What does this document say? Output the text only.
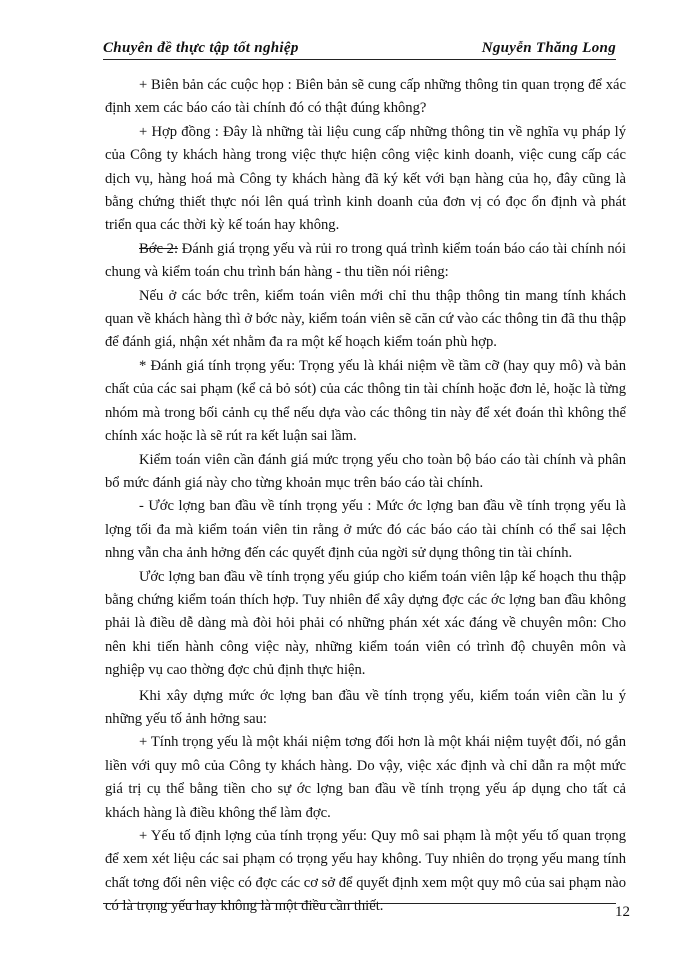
Chuyên đề thực tập tốt nghiệp	Nguyễn Thăng Long

+ Biên bản các cuộc họp : Biên bản sẽ cung cấp những thông tin quan trọng để xác định xem các báo cáo tài chính đó có thật đúng không?

+ Hợp đồng : Đây là những tài liệu cung cấp những thông tin về nghĩa vụ pháp lý của Công ty khách hàng trong việc thực hiện công việc kinh doanh, việc cung cấp các dịch vụ, hàng hoá mà Công ty khách hàng đã ký kết với bạn hàng của họ, đây cũng là bằng chứng thiết thực nói lên quá trình kinh doanh của đơn vị có đọc ổn định và phát triển qua các thời kỳ kế toán hay không.

Bớc 2: Đánh giá trọng yếu và rủi ro trong quá trình kiểm toán báo cáo tài chính nói chung và kiểm toán chu trình bán hàng - thu tiền nói riêng:

Nếu ở các bớc trên, kiểm toán viên mới chỉ thu thập thông tin mang tính khách quan về khách hàng thì ở bớc này, kiểm toán viên sẽ căn cứ vào các thông tin đã thu thập để đánh giá, nhận xét nhằm đa ra một kế hoạch kiểm toán phù hợp.

* Đánh giá tính trọng yếu: Trọng yếu là khái niệm về tầm cỡ (hay quy mô) và bản chất của các sai phạm (kể cả bỏ sót) của các thông tin tài chính hoặc đơn lẻ, hoặc là từng nhóm mà trong bối cảnh cụ thể nếu dựa vào các thông tin này để xét đoán thì không thể chính xác hoặc là sẽ rút ra kết luận sai lầm.

Kiểm toán viên cần đánh giá mức trọng yếu cho toàn bộ báo cáo tài chính và phân bổ mức đánh giá này cho từng khoản mục trên báo cáo tài chính.

- Ước lợng ban đầu về tính trọng yếu : Mức ớc lợng ban đầu về tính trọng yếu là lợng tối đa mà kiểm toán viên tin rằng ở mức đó các báo cáo tài chính có thể sai lệch nhng vẫn cha ảnh hởng đến các quyết định của ngời sử dụng thông tin tài chính.

Ước lợng ban đầu về tính trọng yếu giúp cho kiểm toán viên lập kế hoạch thu thập bằng chứng kiểm toán thích hợp. Tuy nhiên để xây dựng đợc các ớc lợng ban đầu không phải là điều dễ dàng mà đòi hỏi phải có những phán xét xác đáng về chuyên môn: Cho nên khi tiến hành công việc này, những kiểm toán viên có trình độ chuyên môn và nghiệp vụ cao thờng đợc chủ định thực hiện.

Khi xây dựng mức ớc lợng ban đầu về tính trọng yếu, kiểm toán viên cần lu ý những yếu tố ảnh hởng sau:

+ Tính trọng yếu là một khái niệm tơng đối hơn là một khái niệm tuyệt đối, nó gắn liền với quy mô của Công ty khách hàng. Do vậy, việc xác định và chỉ dẫn ra một mức giá trị cụ thể bằng tiền cho sự ớc lợng ban đầu về tính trọng yếu áp dụng cho tất cả khách hàng là điều không thể làm đợc.

+ Yếu tố định lợng của tính trọng yếu: Quy mô sai phạm là một yếu tố quan trọng để xem xét liệu các sai phạm có trọng yếu hay không. Tuy nhiên do trọng yếu mang tính chất tơng đối nên việc có đợc các cơ sở để quyết định xem một quy mô của sai phạm nào có là trọng yếu hay không là một điều cần thiết.	12
